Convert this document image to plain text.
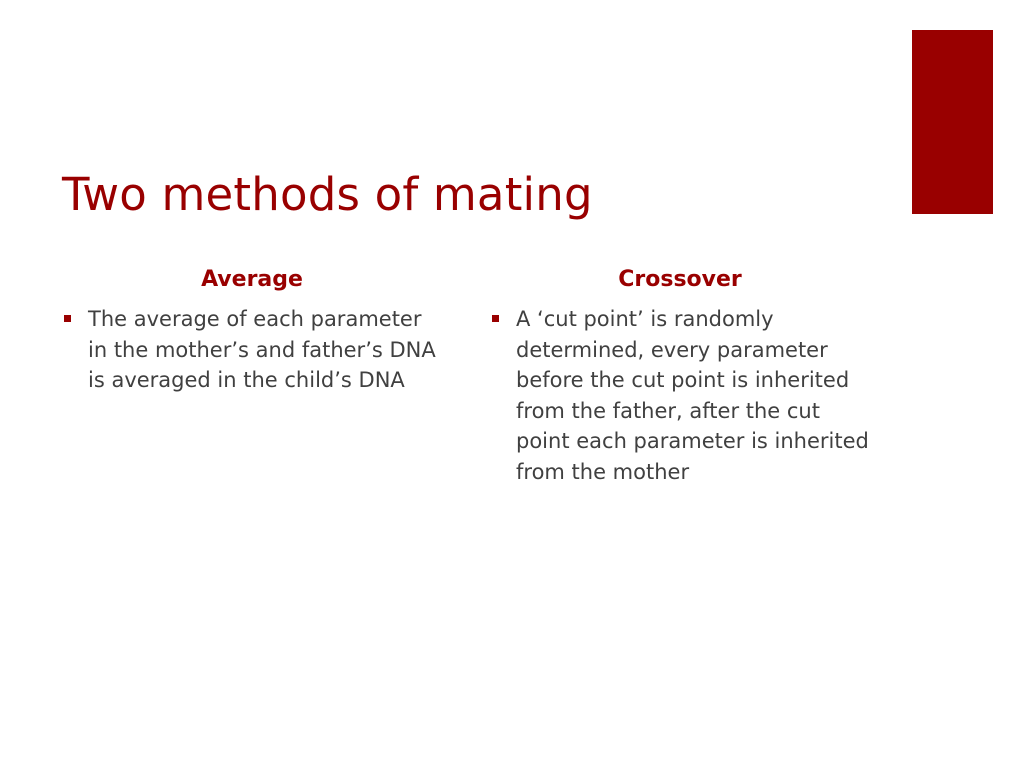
Two methods of mating
Average
The average of each parameter in the mother’s and father’s DNA is averaged in the child’s DNA
Crossover
A ‘cut point’ is randomly determined, every parameter before the cut point is inherited from the father, after the cut point each parameter is inherited from the mother
